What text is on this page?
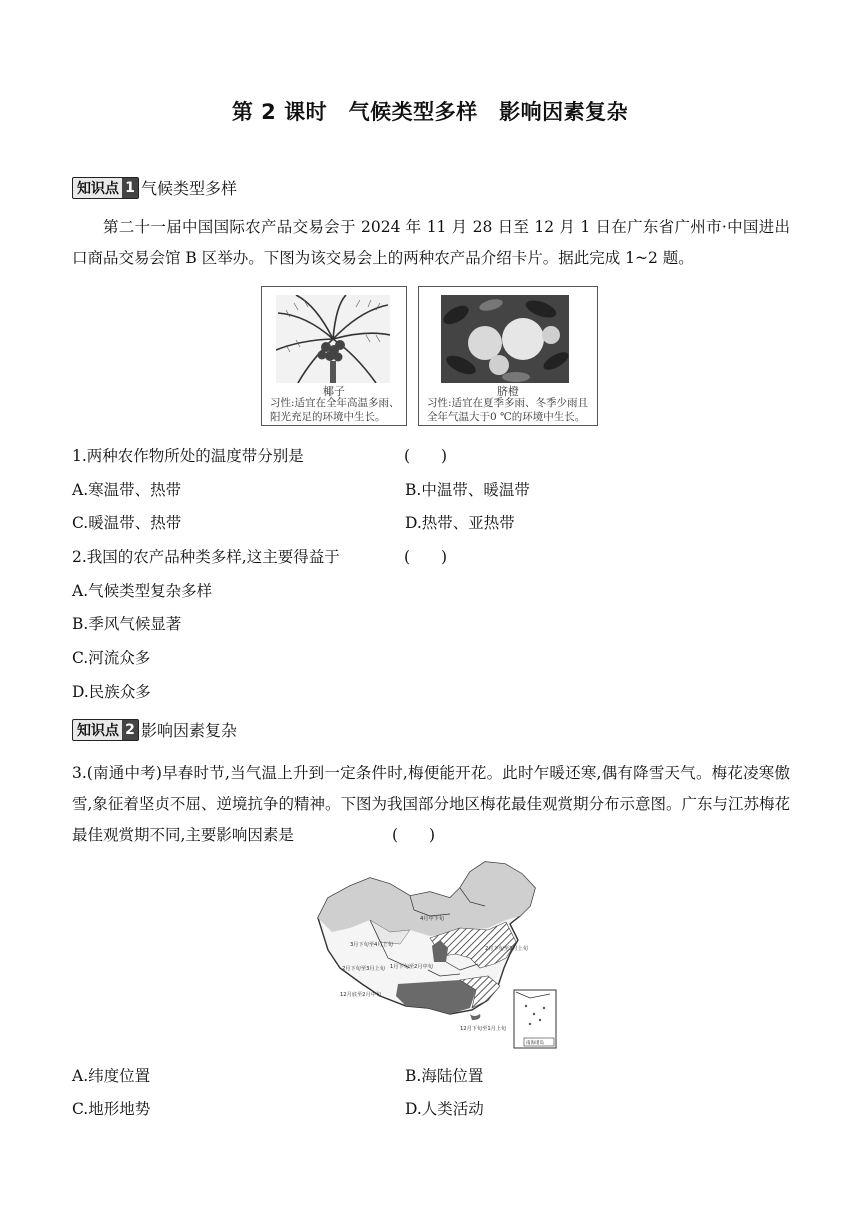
第 2 课时　气候类型多样　影响因素复杂
知识点 1 气候类型多样
第二十一届中国国际农产品交易会于 2024 年 11 月 28 日至 12 月 1 日在广东省广州市·中国进出口商品交易会馆 B 区举办。下图为该交易会上的两种农产品介绍卡片。据此完成 1~2 题。
椰子
习性:适宜在全年高温多雨、阳光充足的环境中生长。
脐橙
习性:适宜在夏季多雨、冬季少雨且全年气温大于0 ℃的环境中生长。
1.两种农作物所处的温度带分别是	(　　)
A.寒温带、热带	B.中温带、暖温带
C.暖温带、热带	D.热带、亚热带
2.我国的农产品种类多样,这主要得益于	(　　)
A.气候类型复杂多样
B.季风气候显著
C.河流众多
D.民族众多
知识点 2 影响因素复杂
3.(南通中考)早春时节,当气温上升到一定条件时,梅便能开花。此时乍暖还寒,偶有降雪天气。梅花凌寒傲雪,象征着坚贞不屈、逆境抗争的精神。下图为我国部分地区梅花最佳观赏期分布示意图。广东与江苏梅花最佳观赏期不同,主要影响因素是	(　　)
4月中下旬
3月下旬至4月上旬
2月下旬至3月上旬
2月下旬至3月上旬 1月下旬至2月中旬
12月底至2月中旬
12月下旬至1月上旬
南海诸岛
A.纬度位置	B.海陆位置
C.地形地势	D.人类活动
